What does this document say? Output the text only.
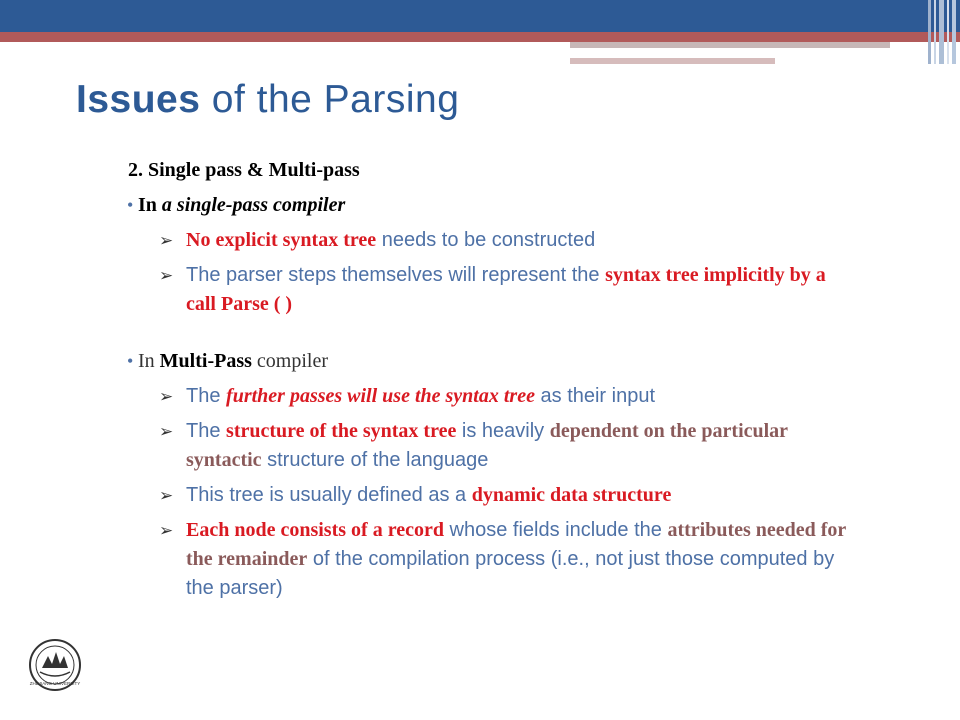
Issues of the Parsing
2. Single pass & Multi-pass
• In a single-pass compiler
➢ No explicit syntax tree needs to be constructed
➢ The parser steps themselves will represent the syntax tree implicitly by a call Parse ( )
• In Multi-Pass compiler
➢ The further passes will use the syntax tree as their input
➢ The structure of the syntax tree is heavily dependent on the particular syntactic structure of the language
➢ This tree is usually defined as a dynamic data structure
➢ Each node consists of a record whose fields include the attributes needed for the remainder of the compilation process (i.e., not just those computed by the parser)
ZHEJIANG UNIVERSITY
